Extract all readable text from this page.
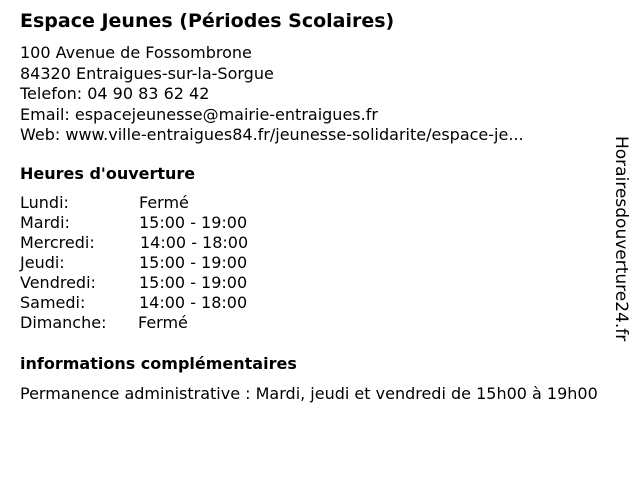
Espace Jeunes (Périodes Scolaires)
100 Avenue de Fossombrone
84320 Entraigues-sur-la-Sorgue
Telefon: 04 90 83 62 42
Email: espacejeunesse@mairie-entraigues.fr
Web: www.ville-entraigues84.fr/jeunesse-solidarite/espace-je...
Heures d'ouverture
Lundi:	Fermé
Mardi:	15:00 - 19:00
Mercredi:	14:00 - 18:00
Jeudi:	15:00 - 19:00
Vendredi:	15:00 - 19:00
Samedi:	14:00 - 18:00
Dimanche: Fermé
informations complémentaires
Permanence administrative : Mardi, jeudi et vendredi de 15h00 à 19h00
Horairesdouverture24.fr
